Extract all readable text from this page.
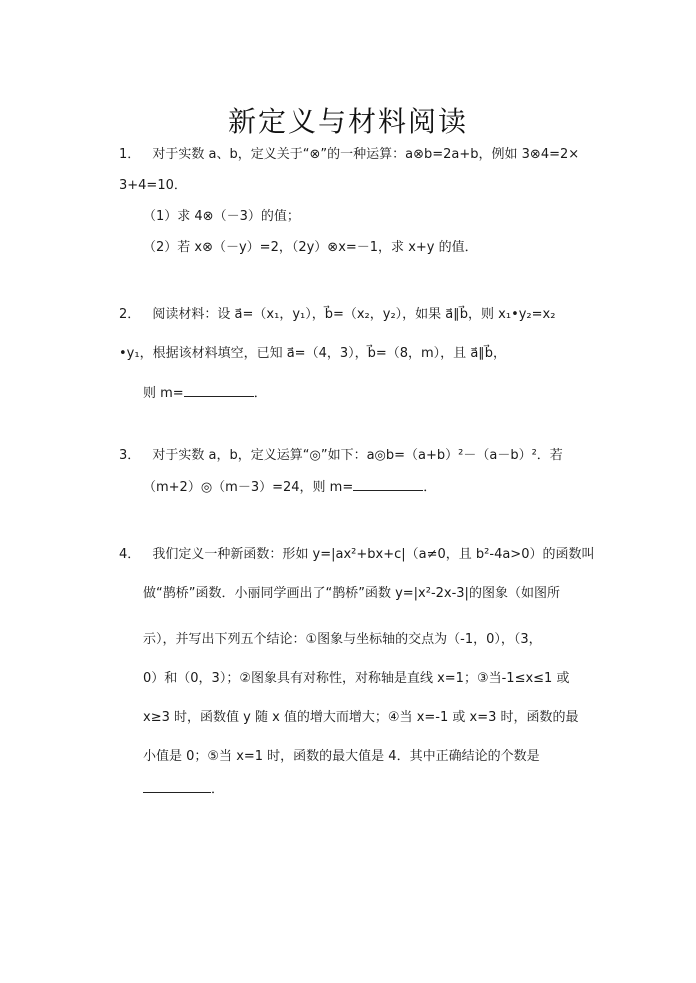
新定义与材料阅读
1． 对于实数 a、b，定义关于“⊗”的一种运算：a⊗b=2a+b，例如 3⊗4=2×
3+4=10．
（1）求 4⊗（－3）的值；
（2）若 x⊗（－y）=2，（2y）⊗x=－1，求 x+y 的值．
2． 阅读材料：设 a⃗=（x₁，y₁），b⃗=（x₂，y₂），如果 a⃗∥b⃗，则 x₁•y₂=x₂
•y₁，根据该材料填空，已知 a⃗=（4，3），b⃗=（8，m），且 a⃗∥b⃗，
则 m=	．
3． 对于实数 a，b，定义运算“◎”如下：a◎b=（a+b）²－（a－b）²．若
（m+2）◎（m－3）=24，则 m=	．
4． 我们定义一种新函数：形如 y=|ax²+bx+c|（a≠0，且 b²-4a>0）的函数叫
做“鹊桥”函数．小丽同学画出了“鹊桥”函数 y=|x²-2x-3|的图象（如图所
示），并写出下列五个结论：①图象与坐标轴的交点为（-1，0），（3，
0）和（0，3）；②图象具有对称性，对称轴是直线 x=1；③当-1≤x≤1 或
x≥3 时，函数值 y 随 x 值的增大而增大；④当 x=-1 或 x=3 时，函数的最
小值是 0；⑤当 x=1 时，函数的最大值是 4．其中正确结论的个数是
．
